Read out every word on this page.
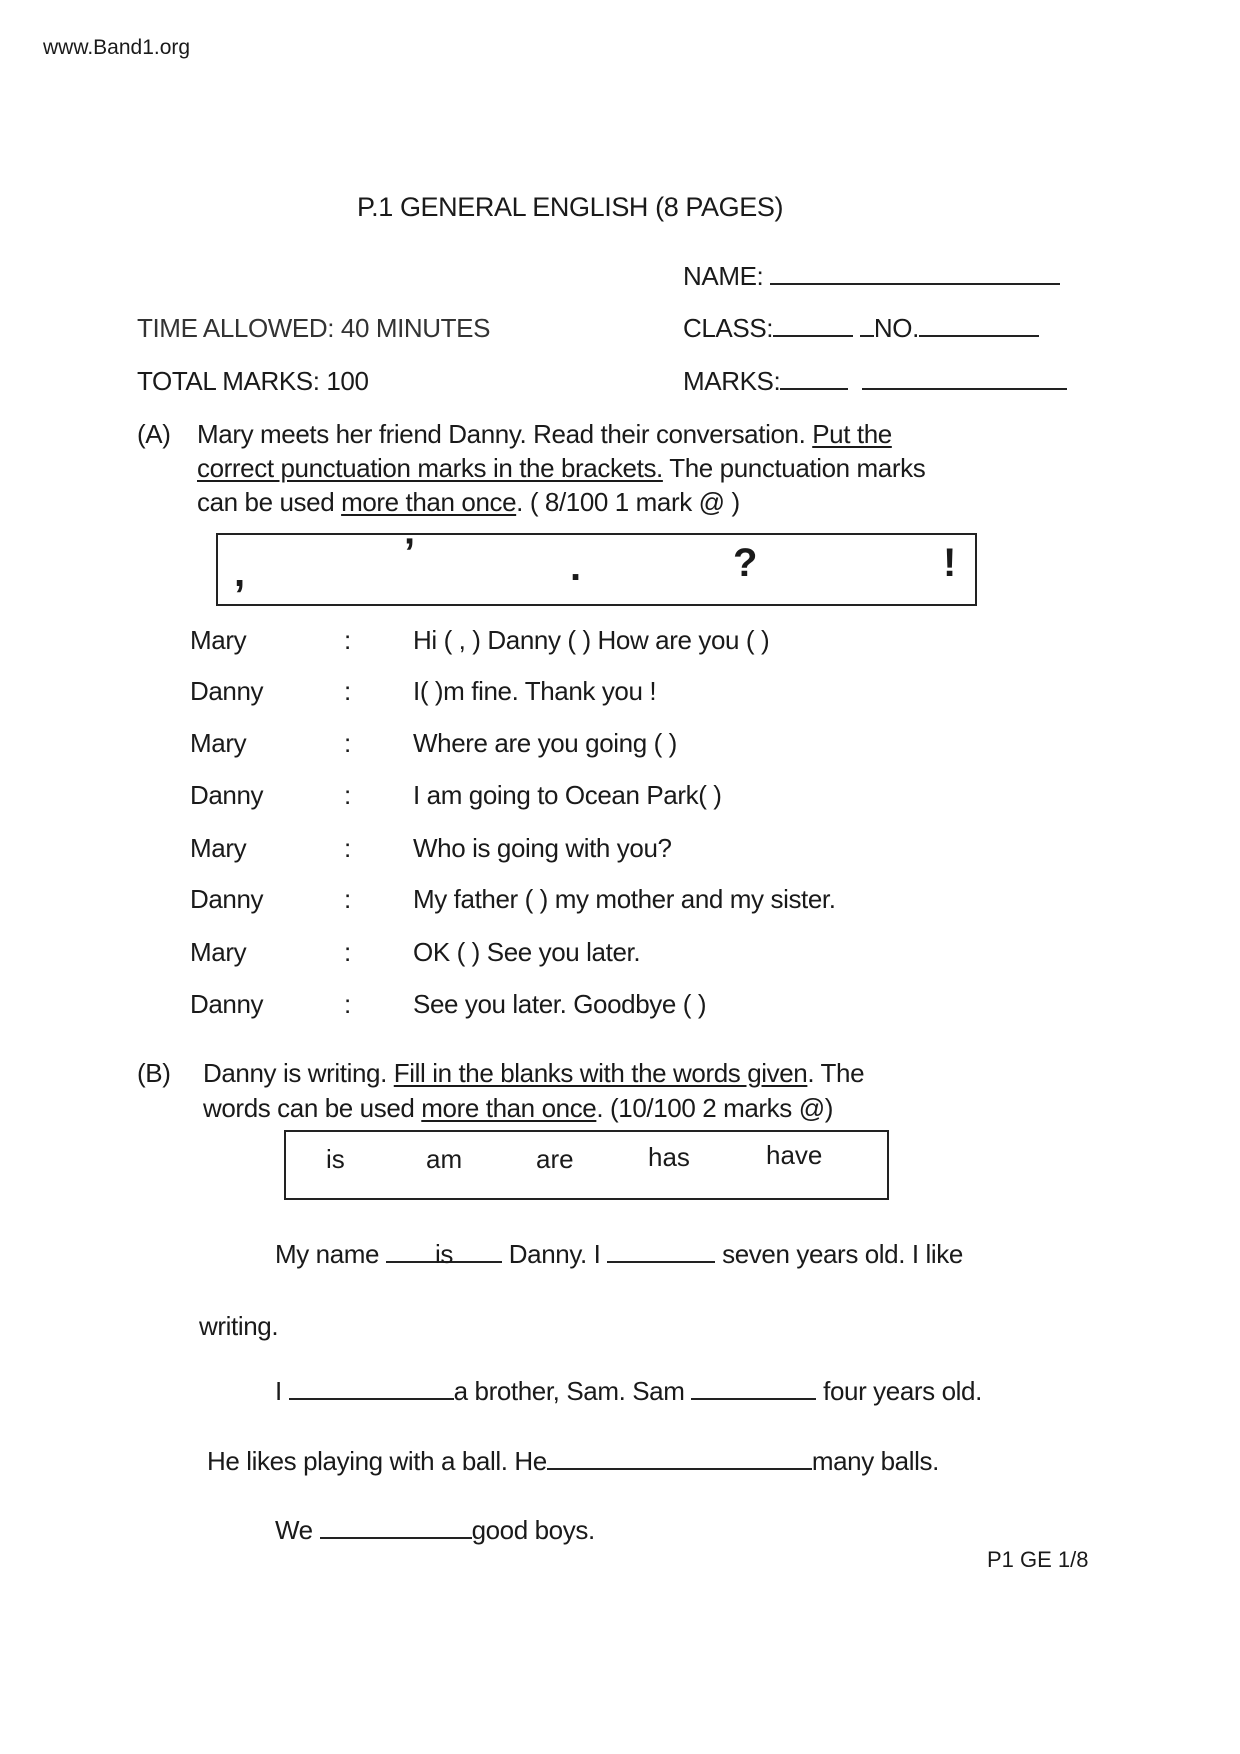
www.Band1.org
P.1 GENERAL ENGLISH (8 PAGES)
NAME:
TIME ALLOWED: 40 MINUTES	CLASS:	NO.
TOTAL MARKS: 100	MARKS:
(A) Mary meets her friend Danny. Read their conversation. Put the
correct punctuation marks in the brackets. The punctuation marks
can be used more than once. ( 8/100 1 mark @ )
,	’	.	?	!
Mary	: Hi ( , ) Danny ( ) How are you ( )
Danny	: I( )m fine. Thank you !
Mary	: Where are you going ( )
Danny	: I am going to Ocean Park( )
Mary	: Who is going with you?
Danny	: My father ( ) my mother and my sister.
Mary	: OK ( ) See you later.
Danny	: See you later. Goodbye ( )
(B) Danny is writing. Fill in the blanks with the words given. The
words can be used more than once. (10/100 2 marks @)
is	am	are	has	have
My name is Danny. I	seven years old. I like
writing.
I	a brother, Sam. Sam	four years old.
He likes playing with a ball. He	many balls.
We	good boys.
P1 GE 1/8
